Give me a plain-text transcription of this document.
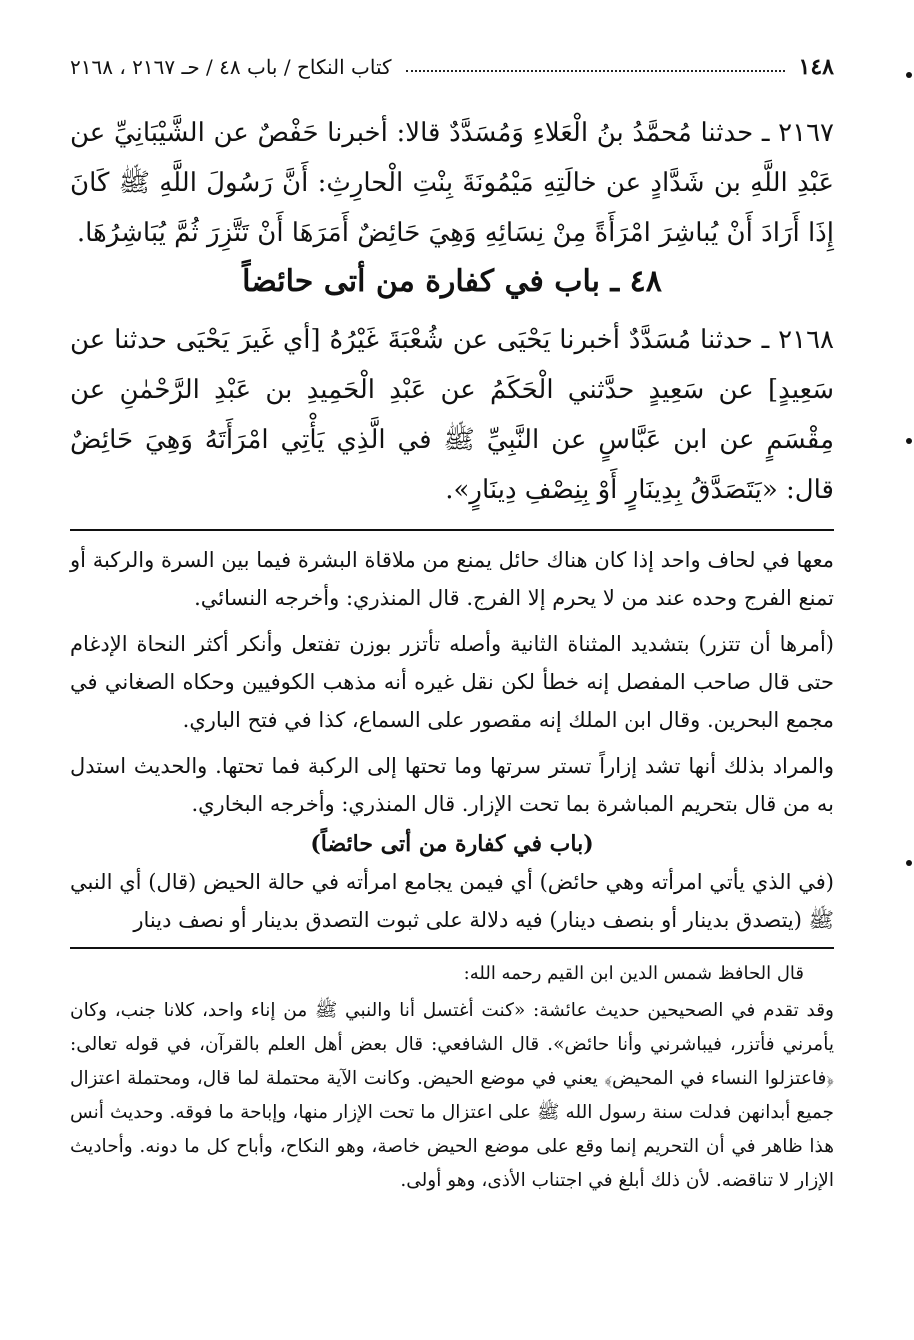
١٤٨
كتاب النكاح / باب ٤٨ / حـ ٢١٦٧ ، ٢١٦٨

٢١٦٧ ـ حدثنا مُحمَّدُ بنُ الْعَلاءِ وَمُسَدَّدٌ قالا: أخبرنا حَفْصٌ عن الشَّيْبَانِيِّ عن عَبْدِ اللَّهِ بن شَدَّادٍ عن خالَتِهِ مَيْمُونَةَ بِنْتِ الْحارِثِ: أَنَّ رَسُولَ اللَّهِ ﷺ كَانَ إِذَا أَرَادَ أَنْ يُباشِرَ امْرَأَةً مِنْ نِسَائِهِ وَهِيَ حَائِضٌ أَمَرَهَا أَنْ تَتَّزِرَ ثُمَّ يُبَاشِرُهَا.

٤٨ ـ باب في كفارة من أتى حائضاً

٢١٦٨ ـ حدثنا مُسَدَّدٌ أخبرنا يَحْيَى عن شُعْبَةَ غَيْرُهُ [أي غَيرَ يَحْيَى حدثنا عن سَعِيدٍ] عن سَعِيدٍ حدَّثني الْحَكَمُ عن عَبْدِ الْحَمِيدِ بن عَبْدِ الرَّحْمٰنِ عن مِقْسَمٍ عن ابن عَبَّاسٍ عن النَّبِيِّ ﷺ في الَّذِي يَأْتِي امْرَأَتَهُ وَهِيَ حَائِضٌ قال: «يَتَصَدَّقُ بِدِينَارٍ أَوْ بِنِصْفِ دِينَارٍ».

معها في لحاف واحد إذا كان هناك حائل يمنع من ملاقاة البشرة فيما بين السرة والركبة أو تمنع الفرج وحده عند من لا يحرم إلا الفرج. قال المنذري: وأخرجه النسائي.

(أمرها أن تتزر) بتشديد المثناة الثانية وأصله تأتزر بوزن تفتعل وأنكر أكثر النحاة الإدغام حتى قال صاحب المفصل إنه خطأ لكن نقل غيره أنه مذهب الكوفيين وحكاه الصغاني في مجمع البحرين. وقال ابن الملك إنه مقصور على السماع، كذا في فتح الباري.

والمراد بذلك أنها تشد إزاراً تستر سرتها وما تحتها إلى الركبة فما تحتها. والحديث استدل به من قال بتحريم المباشرة بما تحت الإزار. قال المنذري: وأخرجه البخاري.

(باب في كفارة من أتى حائضاً)

(في الذي يأتي امرأته وهي حائض) أي فيمن يجامع امرأته في حالة الحيض (قال) أي النبي ﷺ (يتصدق بدينار أو بنصف دينار) فيه دلالة على ثبوت التصدق بدينار أو نصف دينار

قال الحافظ شمس الدين ابن القيم رحمه الله:

وقد تقدم في الصحيحين حديث عائشة: «كنت أغتسل أنا والنبي ﷺ من إناء واحد، كلانا جنب، وكان يأمرني فأتزر، فيباشرني وأنا حائض». قال الشافعي: قال بعض أهل العلم بالقرآن، في قوله تعالى: ﴿فاعتزلوا النساء في المحيض﴾ يعني في موضع الحيض. وكانت الآية محتملة لما قال، ومحتملة اعتزال جميع أبدانهن فدلت سنة رسول الله ﷺ على اعتزال ما تحت الإزار منها، وإباحة ما فوقه. وحديث أنس هذا ظاهر في أن التحريم إنما وقع على موضع الحيض خاصة، وهو النكاح، وأباح كل ما دونه. وأحاديث الإزار لا تناقضه. لأن ذلك أبلغ في اجتناب الأذى، وهو أولى.
